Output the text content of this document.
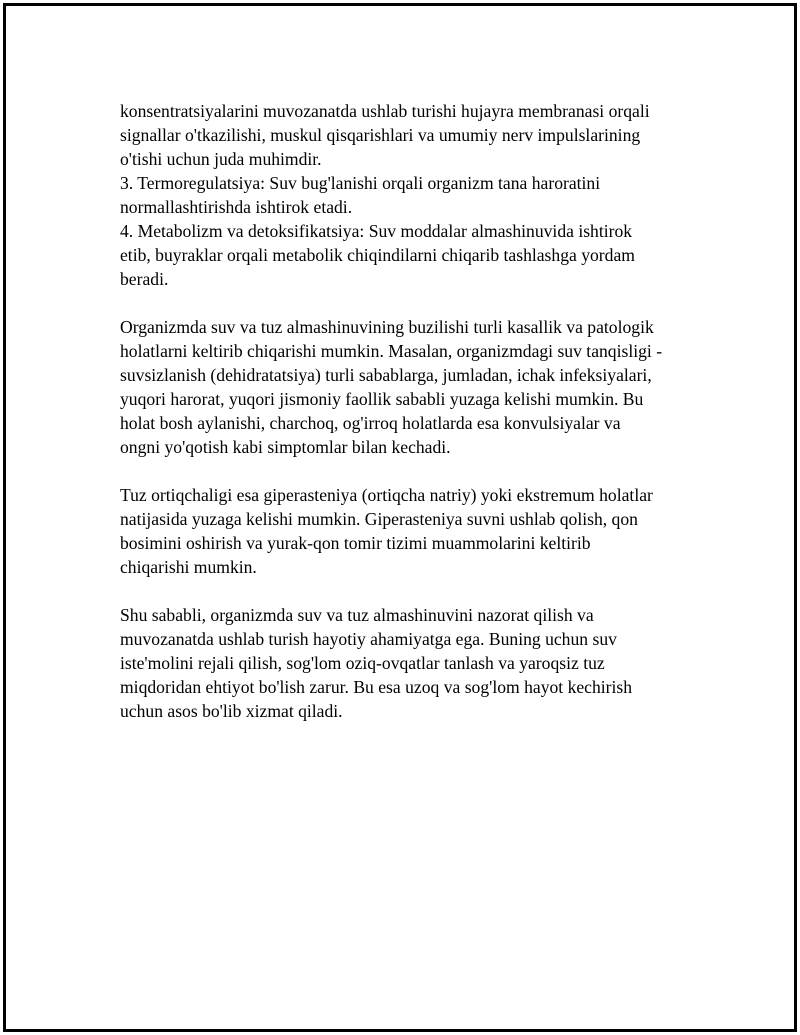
konsentratsiyalarini muvozanatda ushlab turishi hujayra membranasi orqali
signallar o'tkazilishi, muskul qisqarishlari va umumiy nerv impulslarining
o'tishi uchun juda muhimdir.
3. Termoregulatsiya: Suv bug'lanishi orqali organizm tana haroratini
normallashtirishda ishtirok etadi.
4. Metabolizm va detoksifikatsiya: Suv moddalar almashinuvida ishtirok
etib, buyraklar orqali metabolik chiqindilarni chiqarib tashlashga yordam
beradi.
Organizmda suv va tuz almashinuvining buzilishi turli kasallik va patologik
holatlarni keltirib chiqarishi mumkin. Masalan, organizmdagi suv tanqisligi -
suvsizlanish (dehidratatsiya) turli sabablarga, jumladan, ichak infeksiyalari,
yuqori harorat, yuqori jismoniy faollik sababli yuzaga kelishi mumkin. Bu
holat bosh aylanishi, charchoq, og'irroq holatlarda esa konvulsiyalar va
ongni yo'qotish kabi simptomlar bilan kechadi.
Tuz ortiqchaligi esa giperasteniya (ortiqcha natriy) yoki ekstremum holatlar
natijasida yuzaga kelishi mumkin. Giperasteniya suvni ushlab qolish, qon
bosimini oshirish va yurak-qon tomir tizimi muammolarini keltirib
chiqarishi mumkin.
Shu sababli, organizmda suv va tuz almashinuvini nazorat qilish va
muvozanatda ushlab turish hayotiy ahamiyatga ega. Buning uchun suv
iste'molini rejali qilish, sog'lom oziq-ovqatlar tanlash va yaroqsiz tuz
miqdoridan ehtiyot bo'lish zarur. Bu esa uzoq va sog'lom hayot kechirish
uchun asos bo'lib xizmat qiladi.
